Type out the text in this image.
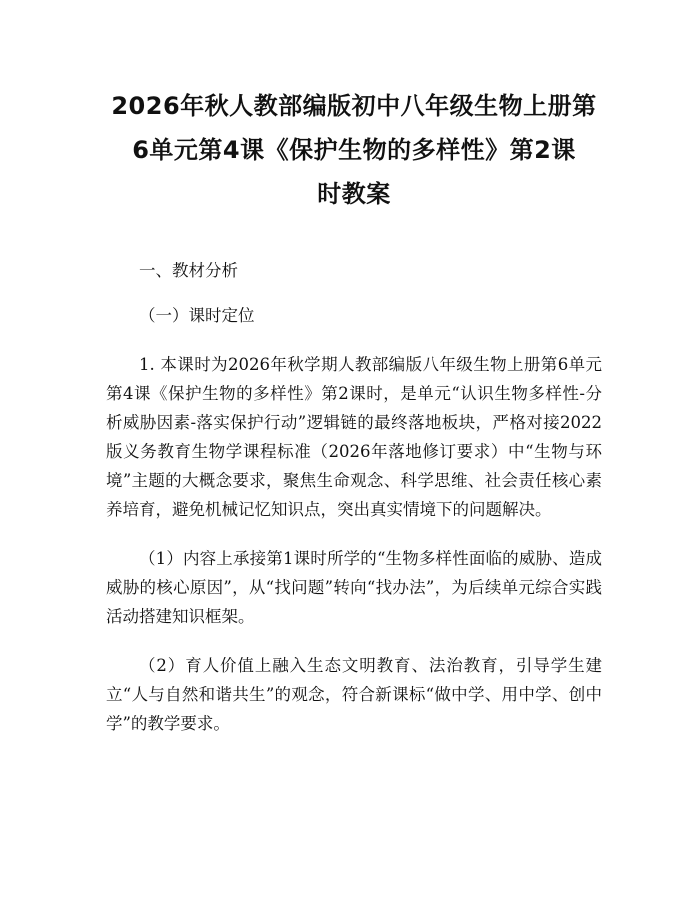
2026年秋人教部编版初中八年级生物上册第
6单元第4课《保护生物的多样性》第2课
时教案

一、教材分析

（一）课时定位

1. 本课时为2026年秋学期人教部编版八年级生物上册第6单元第4课《保护生物的多样性》第2课时，是单元“认识生物多样性-分析威胁因素-落实保护行动”逻辑链的最终落地板块，严格对接2022版义务教育生物学课程标准（2026年落地修订要求）中“生物与环境”主题的大概念要求，聚焦生命观念、科学思维、社会责任核心素养培育，避免机械记忆知识点，突出真实情境下的问题解决。

（1）内容上承接第1课时所学的“生物多样性面临的威胁、造成威胁的核心原因”，从“找问题”转向“找办法”，为后续单元综合实践活动搭建知识框架。

（2）育人价值上融入生态文明教育、法治教育，引导学生建立“人与自然和谐共生”的观念，符合新课标“做中学、用中学、创中学”的教学要求。
